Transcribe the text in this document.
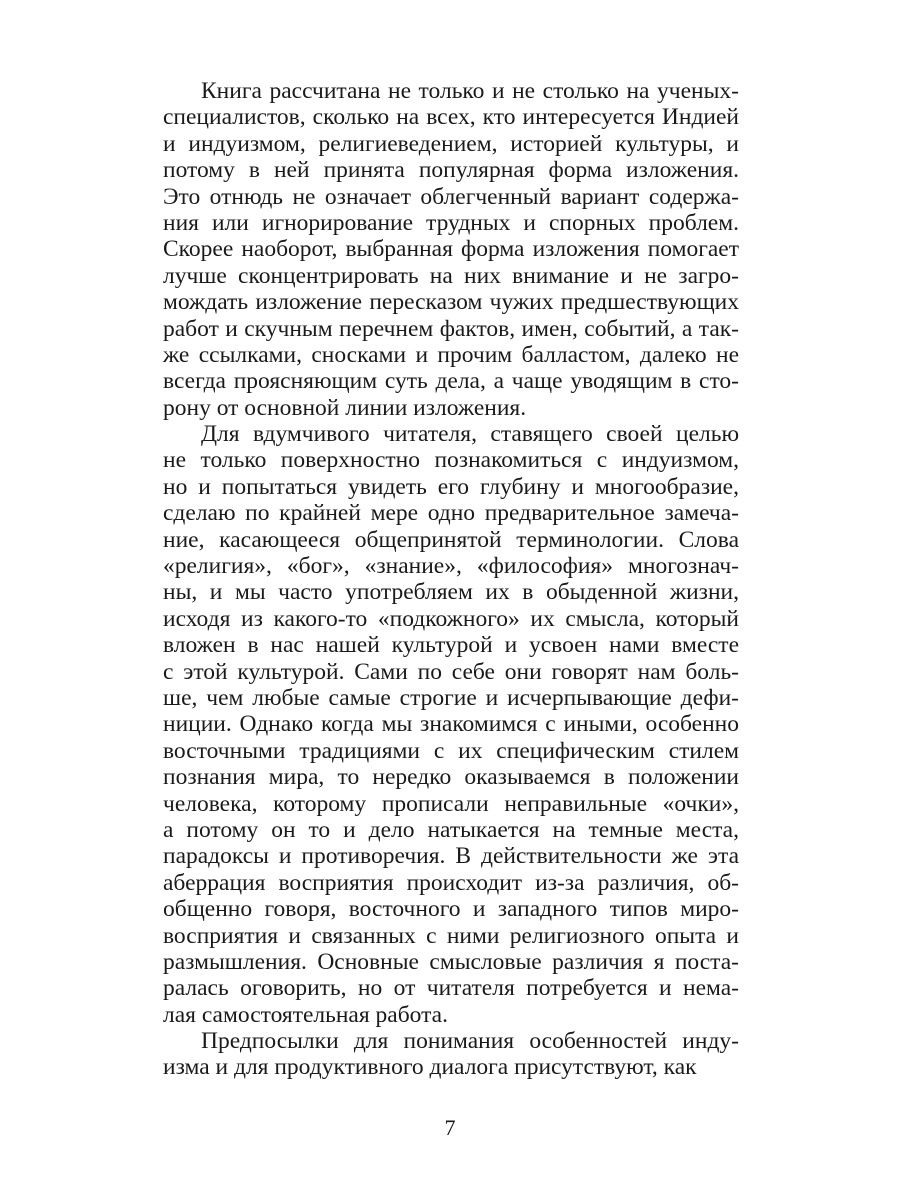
Книга рассчитана не только и не столько на ученых-
специалистов, сколько на всех, кто интересуется Индией
и индуизмом, религиеведением, историей культуры, и
потому в ней принята популярная форма изложения.
Это отнюдь не означает облегченный вариант содержа-
ния или игнорирование трудных и спорных проблем.
Скорее наоборот, выбранная форма изложения помогает
лучше сконцентрировать на них внимание и не загро-
мождать изложение пересказом чужих предшествующих
работ и скучным перечнем фактов, имен, событий, а так-
же ссылками, сносками и прочим балластом, далеко не
всегда проясняющим суть дела, а чаще уводящим в сто-
рону от основной линии изложения.
Для вдумчивого читателя, ставящего своей целью
не только поверхностно познакомиться с индуизмом,
но и попытаться увидеть его глубину и многообразие,
сделаю по крайней мере одно предварительное замеча-
ние, касающееся общепринятой терминологии. Слова
«религия», «бог», «знание», «философия» многознач-
ны, и мы часто употребляем их в обыденной жизни,
исходя из какого-то «подкожного» их смысла, который
вложен в нас нашей культурой и усвоен нами вместе
с этой культурой. Сами по себе они говорят нам боль-
ше, чем любые самые строгие и исчерпывающие дефи-
ниции. Однако когда мы знакомимся с иными, особенно
восточными традициями с их специфическим стилем
познания мира, то нередко оказываемся в положении
человека, которому прописали неправильные «очки»,
а потому он то и дело натыкается на темные места,
парадоксы и противоречия. В действительности же эта
аберрация восприятия происходит из-за различия, об-
общенно говоря, восточного и западного типов миро-
восприятия и связанных с ними религиозного опыта и
размышления. Основные смысловые различия я поста-
ралась оговорить, но от читателя потребуется и нема-
лая самостоятельная работа.
Предпосылки для понимания особенностей инду-
изма и для продуктивного диалога присутствуют, как
7
